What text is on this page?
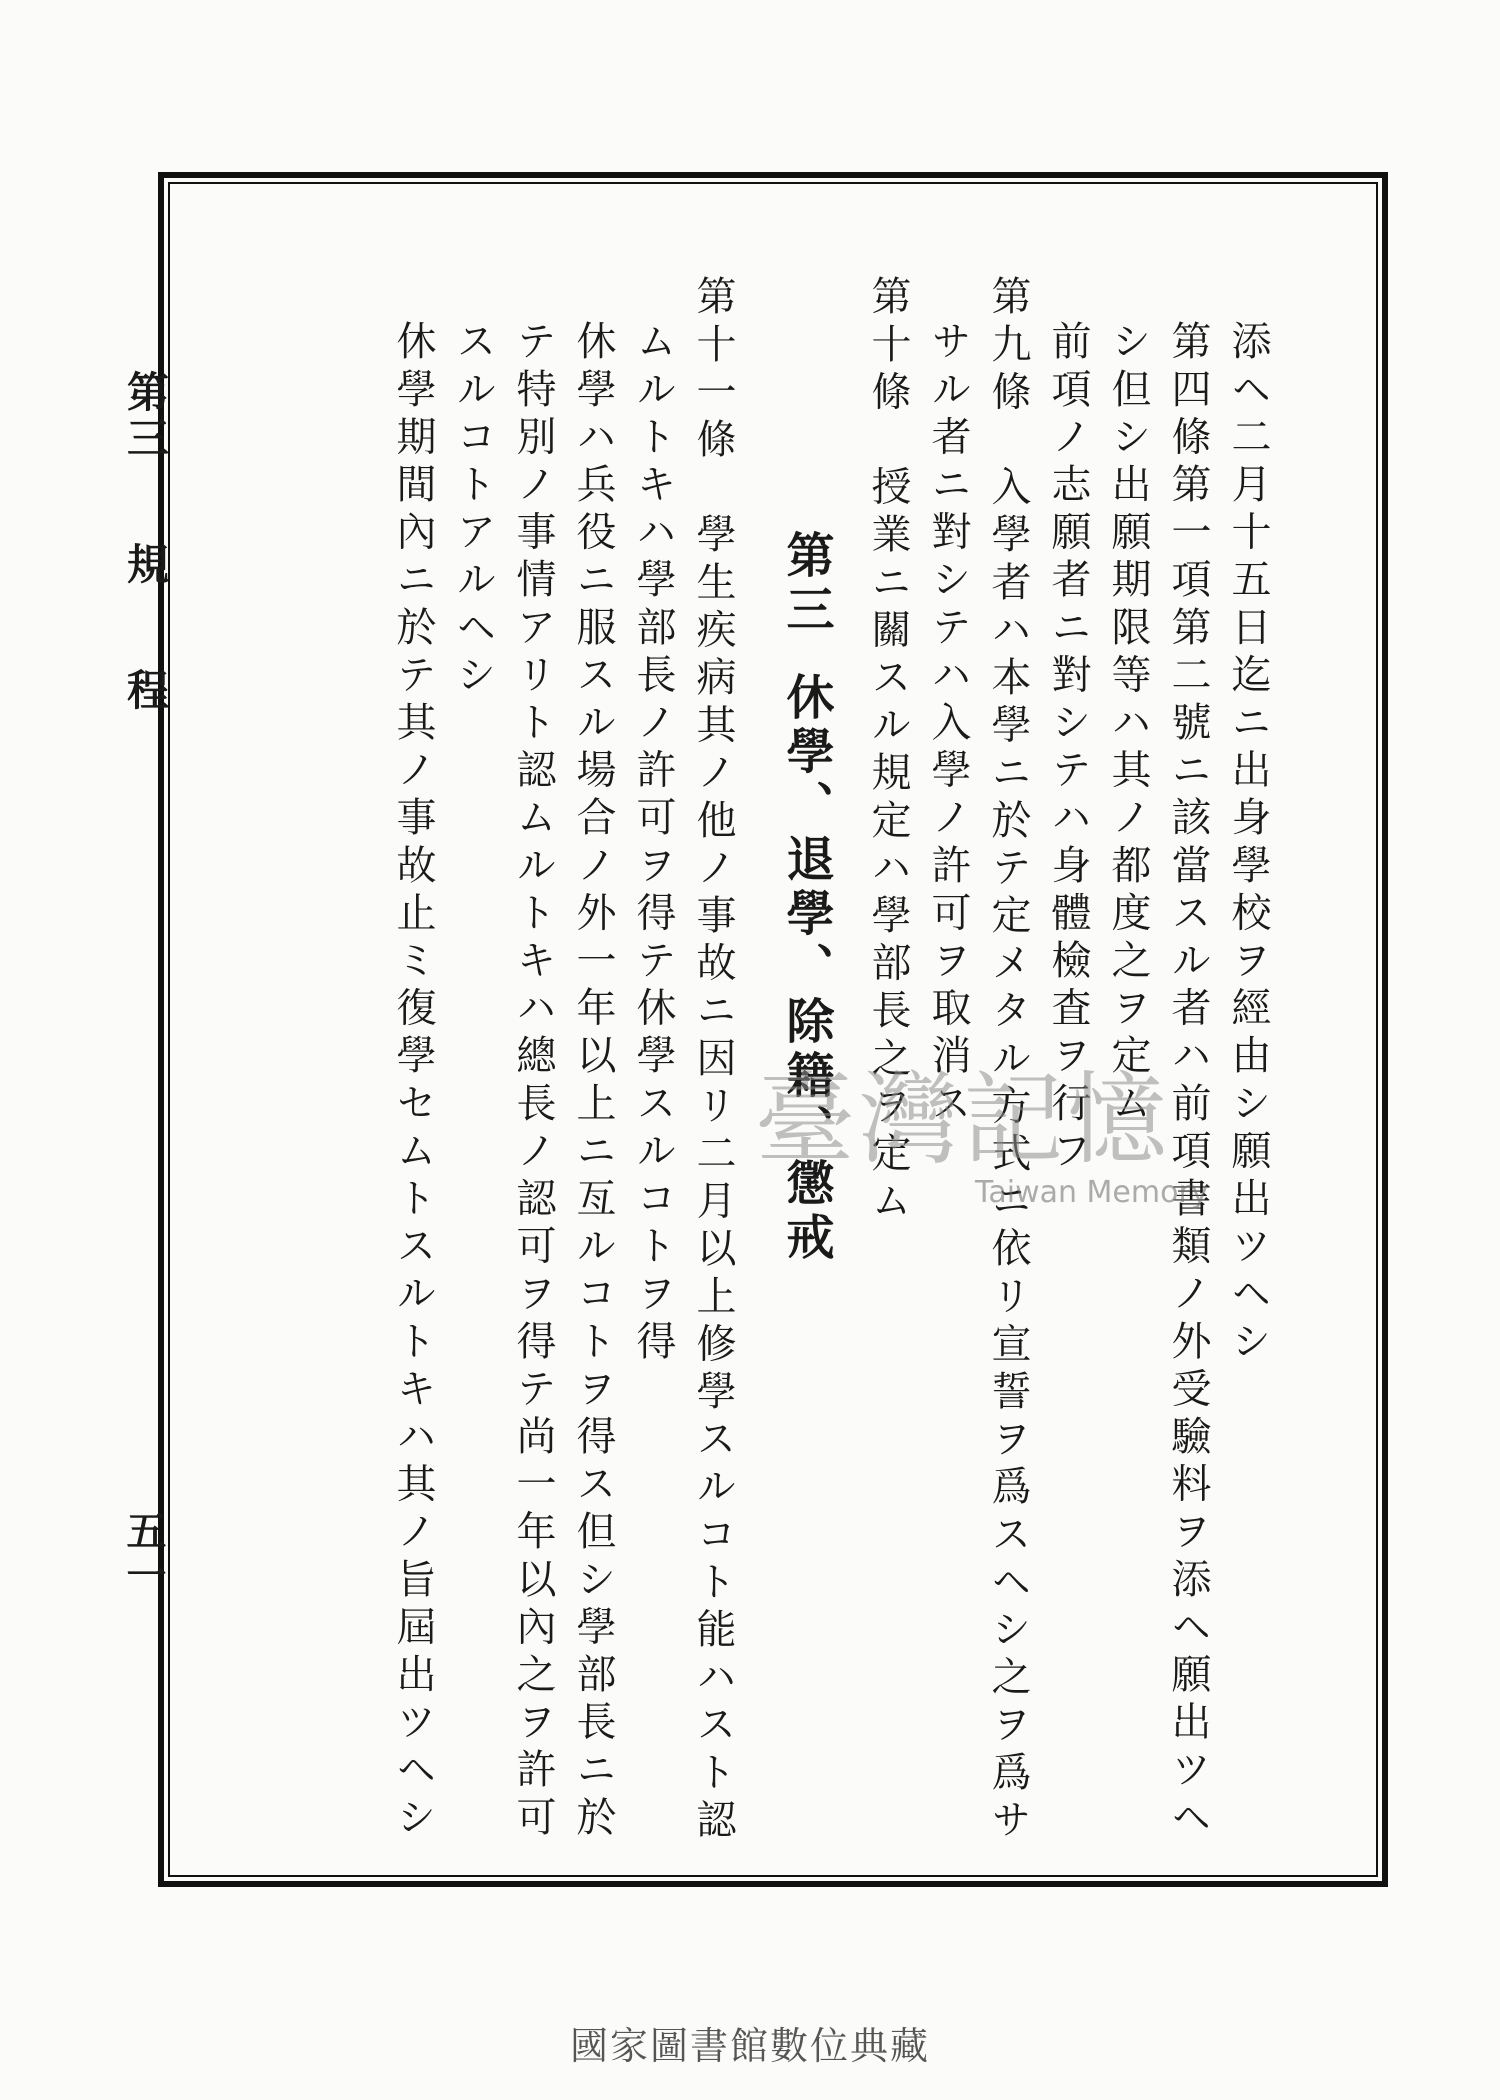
第三規程
五一
添ヘ二月十五日迄ニ出身學校ヲ經由シ願出ツヘシ
第四條第一項第二號ニ該當スル者ハ前項書類ノ外受驗料ヲ添ヘ願出ツヘ
シ但シ出願期限等ハ其ノ都度之ヲ定ム
前項ノ志願者ニ對シテハ身體檢査ヲ行フ
第九條　入學者ハ本學ニ於テ定メタル方式ニ依リ宣誓ヲ爲スヘシ之ヲ爲サ
サル者ニ對シテハ入學ノ許可ヲ取消ス
第十條　授業ニ關スル規定ハ學部長之ヲ定ム
第三休學、退學、除籍、懲戒
第十一條　學生疾病其ノ他ノ事故ニ因リ二月以上修學スルコト能ハスト認
ムルトキハ學部長ノ許可ヲ得テ休學スルコトヲ得
休學ハ兵役ニ服スル場合ノ外一年以上ニ亙ルコトヲ得ス但シ學部長ニ於
テ特別ノ事情アリト認ムルトキハ總長ノ認可ヲ得テ尚一年以內之ヲ許可
スルコトアルヘシ
休學期間內ニ於テ其ノ事故止ミ復學セムトスルトキハ其ノ旨屆出ツヘシ	臺灣記憶
Taiwan Memory
國家圖書館數位典藏
